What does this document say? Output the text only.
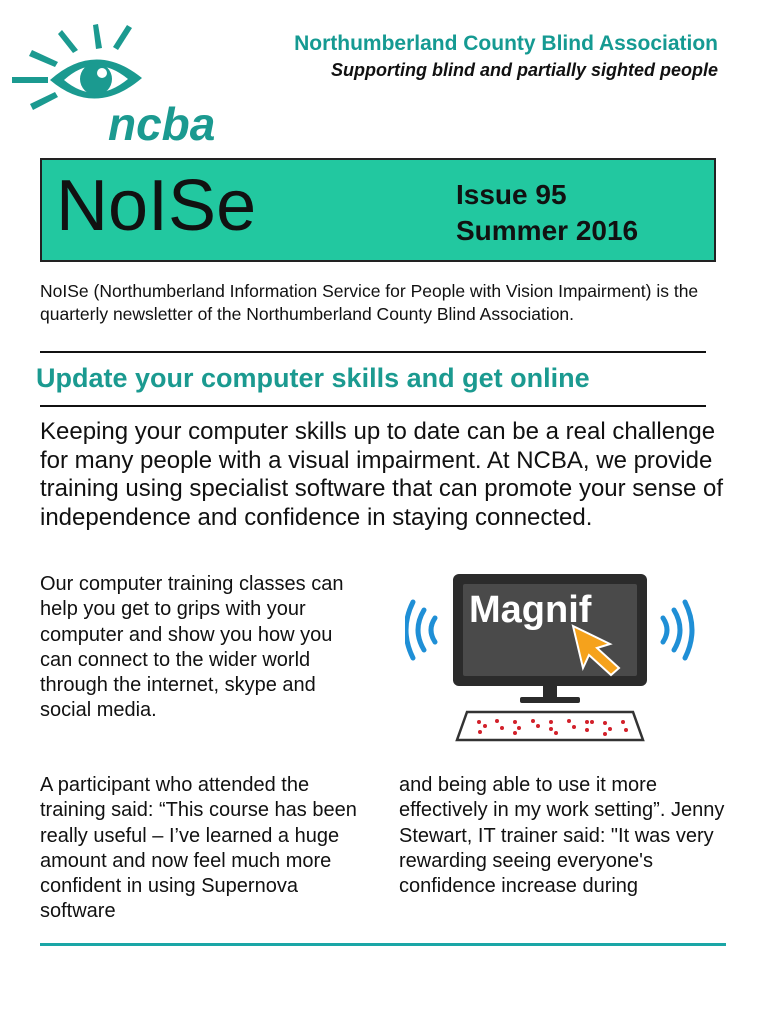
ncba
Northumberland County Blind Association
Supporting blind and partially sighted people
NoISe	Issue 95
Summer 2016
NoISe (Northumberland Information Service for People with Vision Impairment) is the quarterly newsletter of the Northumberland County Blind Association.
Update your computer skills and get online
Keeping your computer skills up to date can be a real challenge for many people with a visual impairment. At NCBA, we provide training using specialist software that can promote your sense of independence and confidence in staying connected.
Our computer training classes can help you get to grips with your computer and show you how you can connect to the wider world through the internet, skype and social media.
Magnif
A participant who attended the training said: “This course has been really useful – I’ve learned a huge amount and now feel much more confident in using Supernova software
and being able to use it more effectively in my work setting”. Jenny Stewart, IT trainer said: "It was very rewarding seeing everyone's confidence increase during
